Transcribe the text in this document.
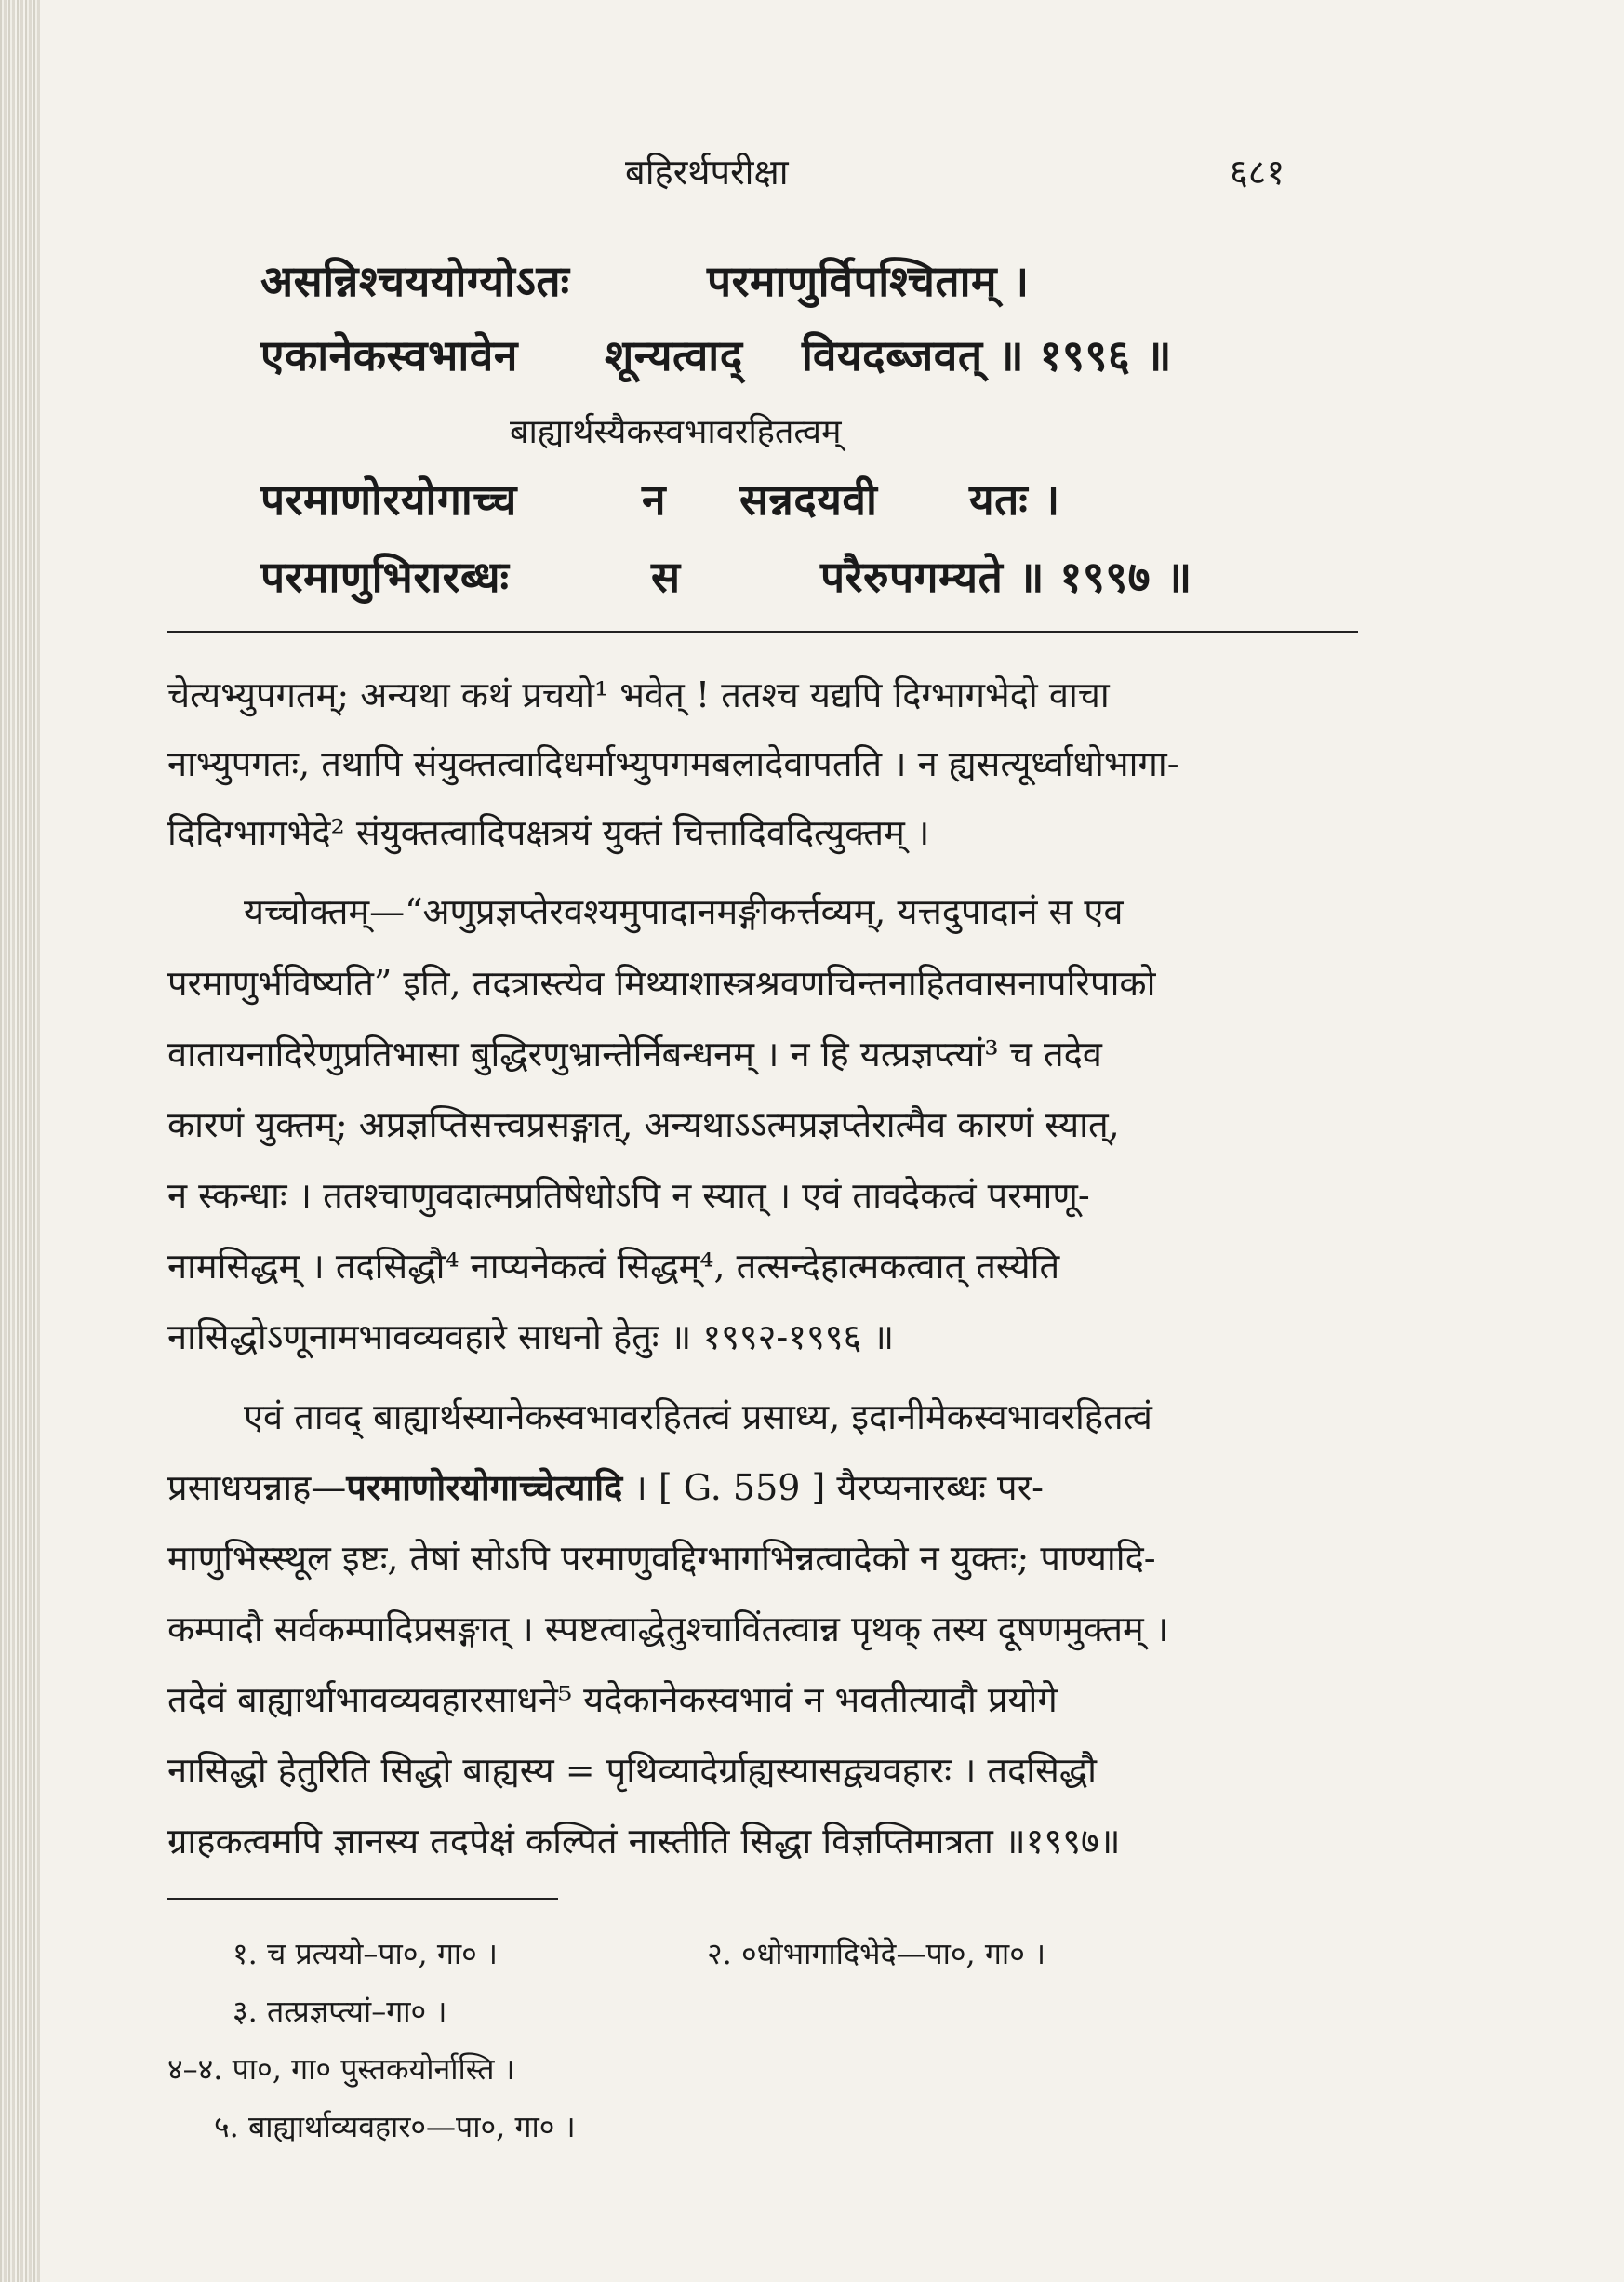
बहिरर्थपरीक्षा	६८१
असन्निश्चययोग्योऽतः	परमाणुर्विपश्चिताम् ।
एकानेकस्वभावेन शून्यत्वाद् वियदब्जवत् ॥ १९९६ ॥
बाह्यार्थस्यैकस्वभावरहितत्वम्
परमाणोरयोगाच्च	न सन्नदयवी यतः ।
परमाणुभिरारब्धः	स	परैरुपगम्यते ॥ १९९७ ॥
चेत्यभ्युपगतम्; अन्यथा कथं प्रचयो¹ भवेत् ! ततश्च यद्यपि दिग्भागभेदो वाचा
नाभ्युपगतः, तथापि संयुक्तत्वादिधर्माभ्युपगमबलादेवापतति । न ह्यसत्यूर्ध्वाधोभागा-
दिदिग्भागभेदे² संयुक्तत्वादिपक्षत्रयं युक्तं चित्तादिवदित्युक्तम् ।
यच्चोक्तम्—“अणुप्रज्ञप्तेरवश्यमुपादानमङ्गीकर्त्तव्यम्, यत्तदुपादानं स एव
परमाणुर्भविष्यति” इति, तदत्रास्त्येव मिथ्याशास्त्रश्रवणचिन्तनाहितवासनापरिपाको
वातायनादिरेणुप्रतिभासा बुद्धिरणुभ्रान्तेर्निबन्धनम् । न हि यत्प्रज्ञप्त्यां³ च तदेव
कारणं युक्तम्; अप्रज्ञप्तिसत्त्वप्रसङ्गात्, अन्यथाऽऽत्मप्रज्ञप्तेरात्मैव कारणं स्यात्,
न स्कन्धाः । ततश्चाणुवदात्मप्रतिषेधोऽपि न स्यात् । एवं तावदेकत्वं परमाणू-
नामसिद्धम् । तदसिद्धौ⁴ नाप्यनेकत्वं सिद्धम्⁴, तत्सन्देहात्मकत्वात् तस्येति
नासिद्धोऽणूनामभावव्यवहारे साधनो हेतुः ॥ १९९२-१९९६ ॥
एवं तावद् बाह्यार्थस्यानेकस्वभावरहितत्वं प्रसाध्य, इदानीमेकस्वभावरहितत्वं
प्रसाधयन्नाह—परमाणोरयोगाच्चेत्यादि । [ G. 559 ] यैरप्यनारब्धः पर-
माणुभिस्स्थूल इष्टः, तेषां सोऽपि परमाणुवद्दिग्भागभिन्नत्वादेको न युक्तः; पाण्यादि-
कम्पादौ सर्वकम्पादिप्रसङ्गात् । स्पष्टत्वाद्धेतुश्चाविंतत्वान्न पृथक् तस्य दूषणमुक्तम् ।
तदेवं बाह्यार्थाभावव्यवहारसाधने⁵ यदेकानेकस्वभावं न भवतीत्यादौ प्रयोगे
नासिद्धो हेतुरिति सिद्धो बाह्यस्य = पृथिव्यादेर्ग्राह्यस्यासद्व्यवहारः । तदसिद्धौ
ग्राहकत्वमपि ज्ञानस्य तदपेक्षं कल्पितं नास्तीति सिद्धा विज्ञप्तिमात्रता ॥१९९७॥
१. च प्रत्ययो–पा०, गा० ।	२. ०धोभागादिभेदे—पा०, गा० ।
३. तत्प्रज्ञप्त्यां–गा० ।
४–४. पा०, गा० पुस्तकयोर्नास्ति ।
५. बाह्यार्थाव्यवहार०—पा०, गा० ।
